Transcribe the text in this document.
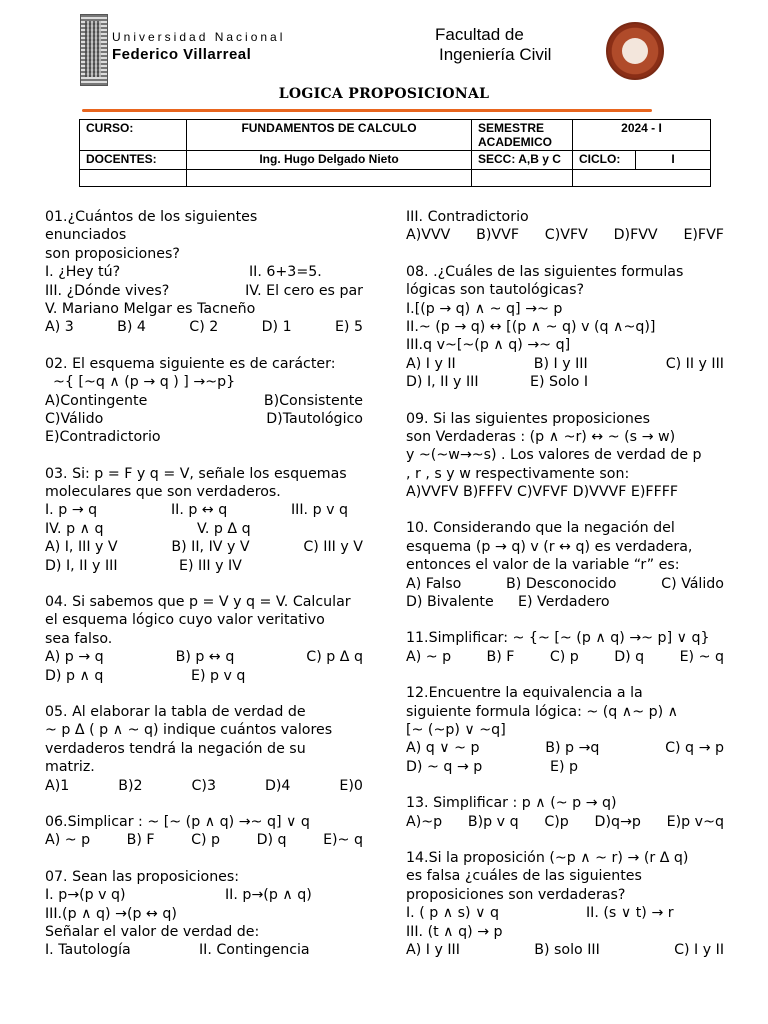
Universidad Nacional
Federico Villarreal
Facultad de
Ingeniería Civil
LOGICA PROPOSICIONAL
CURSO:	FUNDAMENTOS DE CALCULO	SEMESTRE ACADEMICO	2024 - I	
DOCENTES:	Ing. Hugo Delgado Nieto	SECC: A,B y C	CICLO:	I

01.¿Cuántos de los siguientes
enunciados
son proposiciones?
I. ¿Hey tú?	II. 6+3=5.
III. ¿Dónde vives?	IV. El cero es par
V. Mariano Melgar es Tacneño
A) 3	B) 4	C) 2	D) 1	E) 5
02. El esquema siguiente es de carácter:
~{ [~q ∧ (p → q ) ] →~p}
A)Contingente	B)Consistente
C)Válido	D)Tautológico
E)Contradictorio
03. Si: p = F y q = V, señale los esquemas
moleculares que son verdaderos.
I. p → q	II. p ↔ q	III. p v q
IV. p ∧ q	V. p Δ q
A) I, III y V	B) II, IV y V	C) III y V
D) I, II y III	E) III y IV
04. Si sabemos que p = V y q = V. Calcular
el esquema lógico cuyo valor veritativo
sea falso.
A) p → q	B) p ↔ q	C) p Δ q
D) p ∧ q	E) p v q
05. Al elaborar la tabla de verdad de
~ p Δ ( p ∧ ~ q) indique cuántos valores
verdaderos tendrá la negación de su
matriz.
A)1	B)2	C)3	D)4	E)0
06.Simplicar : ~ [~ (p ∧ q) →~ q] ∨ q
A) ~ p	B) F	C) p	D) q	E)~ q
07. Sean las proposiciones:
I. p→(p v q)	II. p→(p ∧ q)
III.(p ∧ q) →(p ↔ q)
Señalar el valor de verdad de:
I. Tautología	II. Contingencia
III. Contradictorio
A)VVV B)VVF C)VFV D)FVV E)FVF
08. .¿Cuáles de las siguientes formulas
lógicas son tautológicas?
I.[(p → q) ∧ ~ q] →~ p
II.~ (p → q) ↔ [(p ∧ ~ q) v (q ∧~q)]
III.q v~[~(p ∧ q) →~ q]
A) I y II	B) I y III	C) II y III
D) I, II y III	E) Solo I
09. Si las siguientes proposiciones
son Verdaderas : (p ∧ ~r) ↔ ~ (s → w)
y ~(~w→~s) . Los valores de verdad de p
, r , s y w respectivamente son:
A)VVFV B)FFFV C)VFVF D)VVVF E)FFFF
10. Considerando que la negación del
esquema (p → q) v (r ↔ q) es verdadera,
entonces el valor de la variable “r” es:
A) Falso	B) Desconocido	C) Válido
D) Bivalente E) Verdadero
11.Simplificar: ~ {~ [~ (p ∧ q) →~ p] ∨ q}
A) ~ p B) F C) p D) q E) ~ q
12.Encuentre la equivalencia a la
siguiente formula lógica: ~ (q ∧~ p) ∧
[~ (~p) ∨ ~q]
A) q ∨ ~ p	B) p →q	C) q → p
D) ~ q → p	E) p
13. Simplificar : p ∧ (~ p → q)
A)~p B)p v q C)p D)q→p E)p v~q
14.Si la proposición (~p ∧ ~ r) → (r Δ q)
es falsa ¿cuáles de las siguientes
proposiciones son verdaderas?
I. ( p ∧ s) ∨ q	II. (s ∨ t) → r
III. (t ∧ q) → p
A) I y III	B) solo III	C) I y II
